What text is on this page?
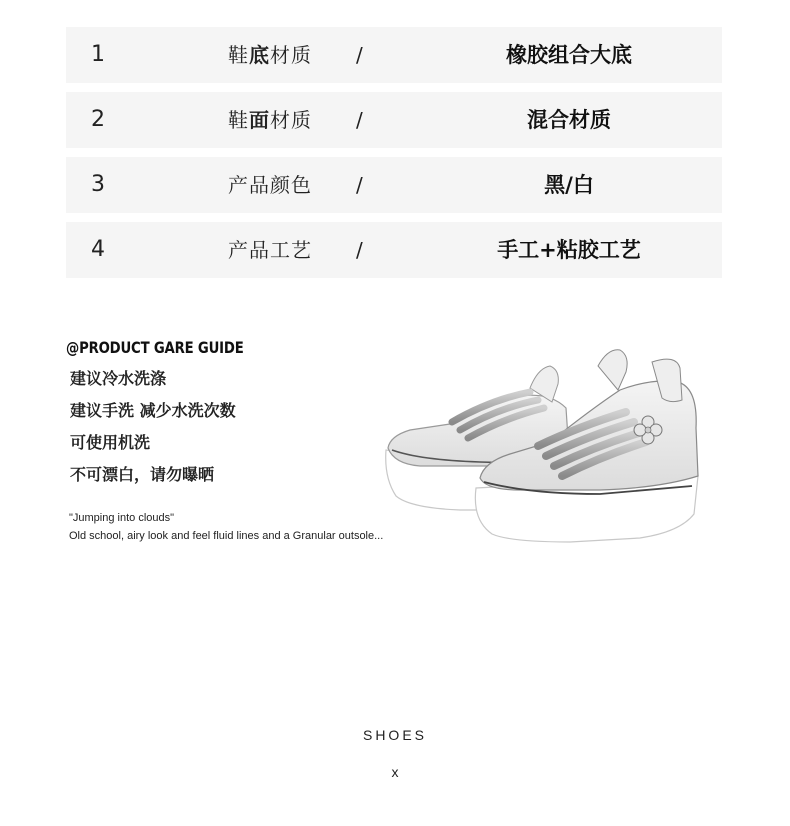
1	鞋底材质 /	橡胶组合大底
2	鞋面材质 /	混合材质
3	产品颜色 /	黑/白
4	产品工艺 /	手工+粘胶工艺
@PRODUCT GARE GUIDE
建议冷水洗涤
建议手洗 减少水洗次数
可使用机洗
不可漂白，请勿曝晒
"Jumping into clouds"
Old school, airy look and feel fluid lines and a Granular outsole...
SHOES
x
